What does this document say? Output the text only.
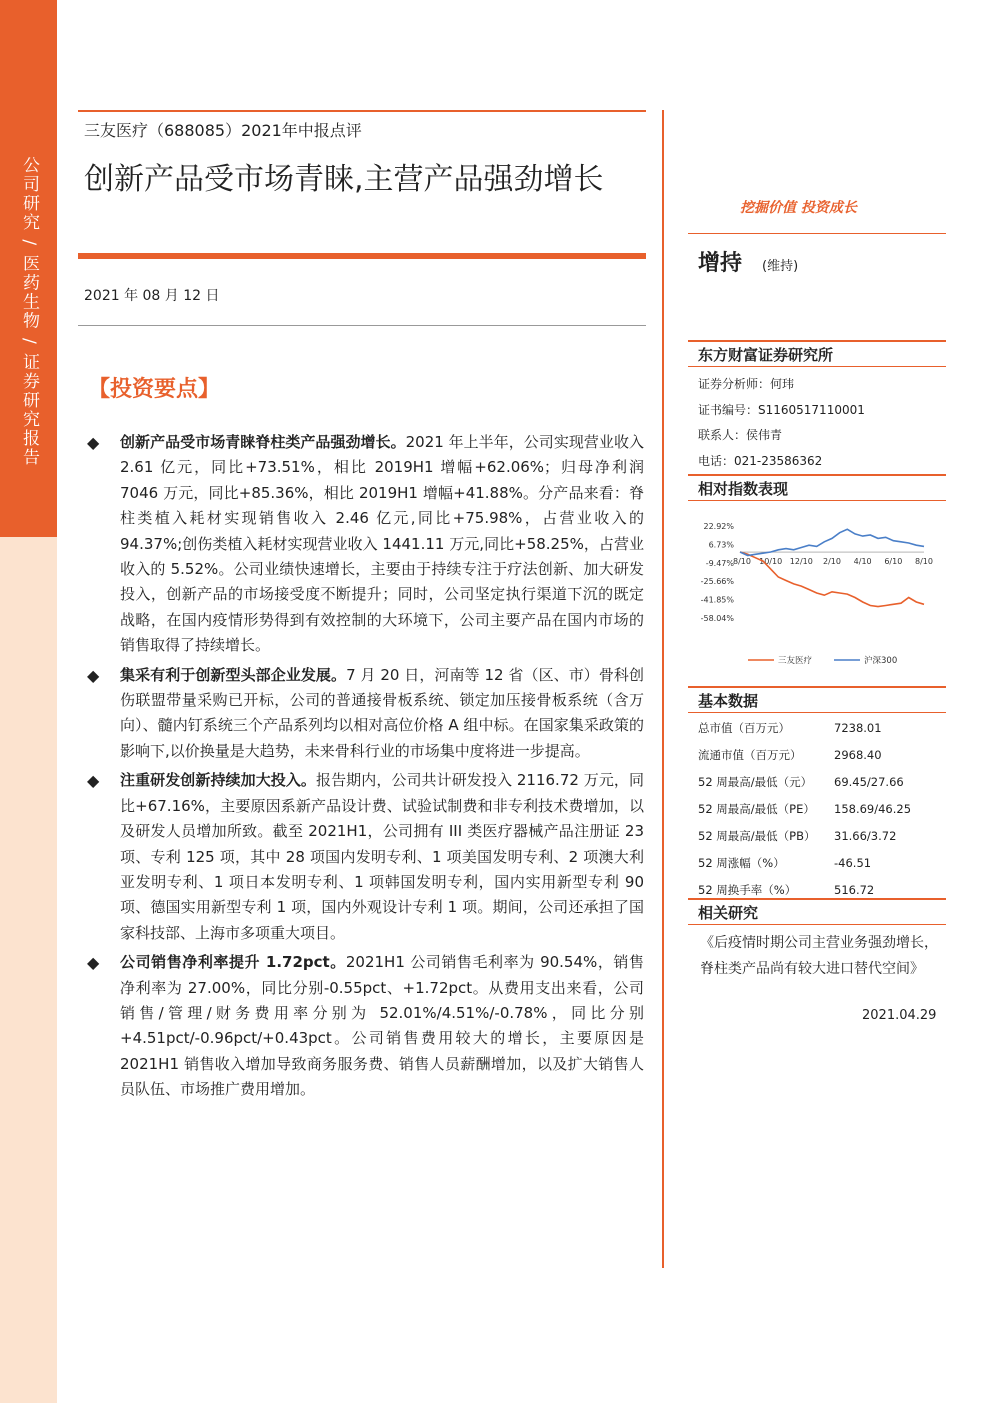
公司研究 / 医药生物 / 证券研究报告
三友医疗（688085）2021年中报点评
创新产品受市场青睐,主营产品强劲增长
2021 年 08 月 12 日
【投资要点】
◆ 创新产品受市场青睐脊柱类产品强劲增长。2021 年上半年，公司实现营业收入 2.61 亿元，同比+73.51%，相比 2019H1 增幅+62.06%；归母净利润 7046 万元，同比+85.36%，相比 2019H1 增幅+41.88%。分产品来看：脊柱类植入耗材实现销售收入 2.46 亿元,同比+75.98%，占营业收入的 94.37%;创伤类植入耗材实现营业收入 1441.11 万元,同比+58.25%，占营业收入的 5.52%。公司业绩快速增长，主要由于持续专注于疗法创新、加大研发投入，创新产品的市场接受度不断提升；同时，公司坚定执行渠道下沉的既定战略，在国内疫情形势得到有效控制的大环境下，公司主要产品在国内市场的销售取得了持续增长。
◆ 集采有利于创新型头部企业发展。7 月 20 日，河南等 12 省（区、市）骨科创伤联盟带量采购已开标，公司的普通接骨板系统、锁定加压接骨板系统（含万向）、髓内钉系统三个产品系列均以相对高位价格 A 组中标。在国家集采政策的影响下,以价换量是大趋势，未来骨科行业的市场集中度将进一步提高。
◆ 注重研发创新持续加大投入。报告期内，公司共计研发投入 2116.72 万元，同比+67.16%，主要原因系新产品设计费、试验试制费和非专利技术费增加，以及研发人员增加所致。截至 2021H1，公司拥有 III 类医疗器械产品注册证 23 项、专利 125 项，其中 28 项国内发明专利、1 项美国发明专利、2 项澳大利亚发明专利、1 项日本发明专利、1 项韩国发明专利，国内实用新型专利 90 项、德国实用新型专利 1 项，国内外观设计专利 1 项。期间，公司还承担了国家科技部、上海市多项重大项目。
◆ 公司销售净利率提升 1.72pct。2021H1 公司销售毛利率为 90.54%，销售净利率为 27.00%，同比分别-0.55pct、+1.72pct。从费用支出来看，公司销售/管理/财务费用率分别为 52.01%/4.51%/-0.78%，同比分别+4.51pct/-0.96pct/+0.43pct。公司销售费用较大的增长，主要原因是 2021H1 销售收入增加导致商务服务费、销售人员薪酬增加，以及扩大销售人员队伍、市场推广费用增加。
挖掘价值 投资成长
增持 (维持)
东方财富证券研究所
证券分析师：何玮
证书编号：S1160517110001
联系人：侯伟青
电话：021-23586362
相对指数表现
22.92%
6.73%
-9.47%
-25.66%
-41.85%
-58.04%
8/10 10/10 12/10 2/10 4/10 6/10 8/10
三友医疗	沪深300
基本数据
总市值（百万元）	7238.01
流通市值（百万元）	2968.40
52 周最高/最低（元）	69.45/27.66
52 周最高/最低（PE）	158.69/46.25
52 周最高/最低（PB）	31.66/3.72
52 周涨幅（%）	-46.51
52 周换手率（%）	516.72
相关研究
《后疫情时期公司主营业务强劲增长，脊柱类产品尚有较大进口替代空间》
2021.04.29
